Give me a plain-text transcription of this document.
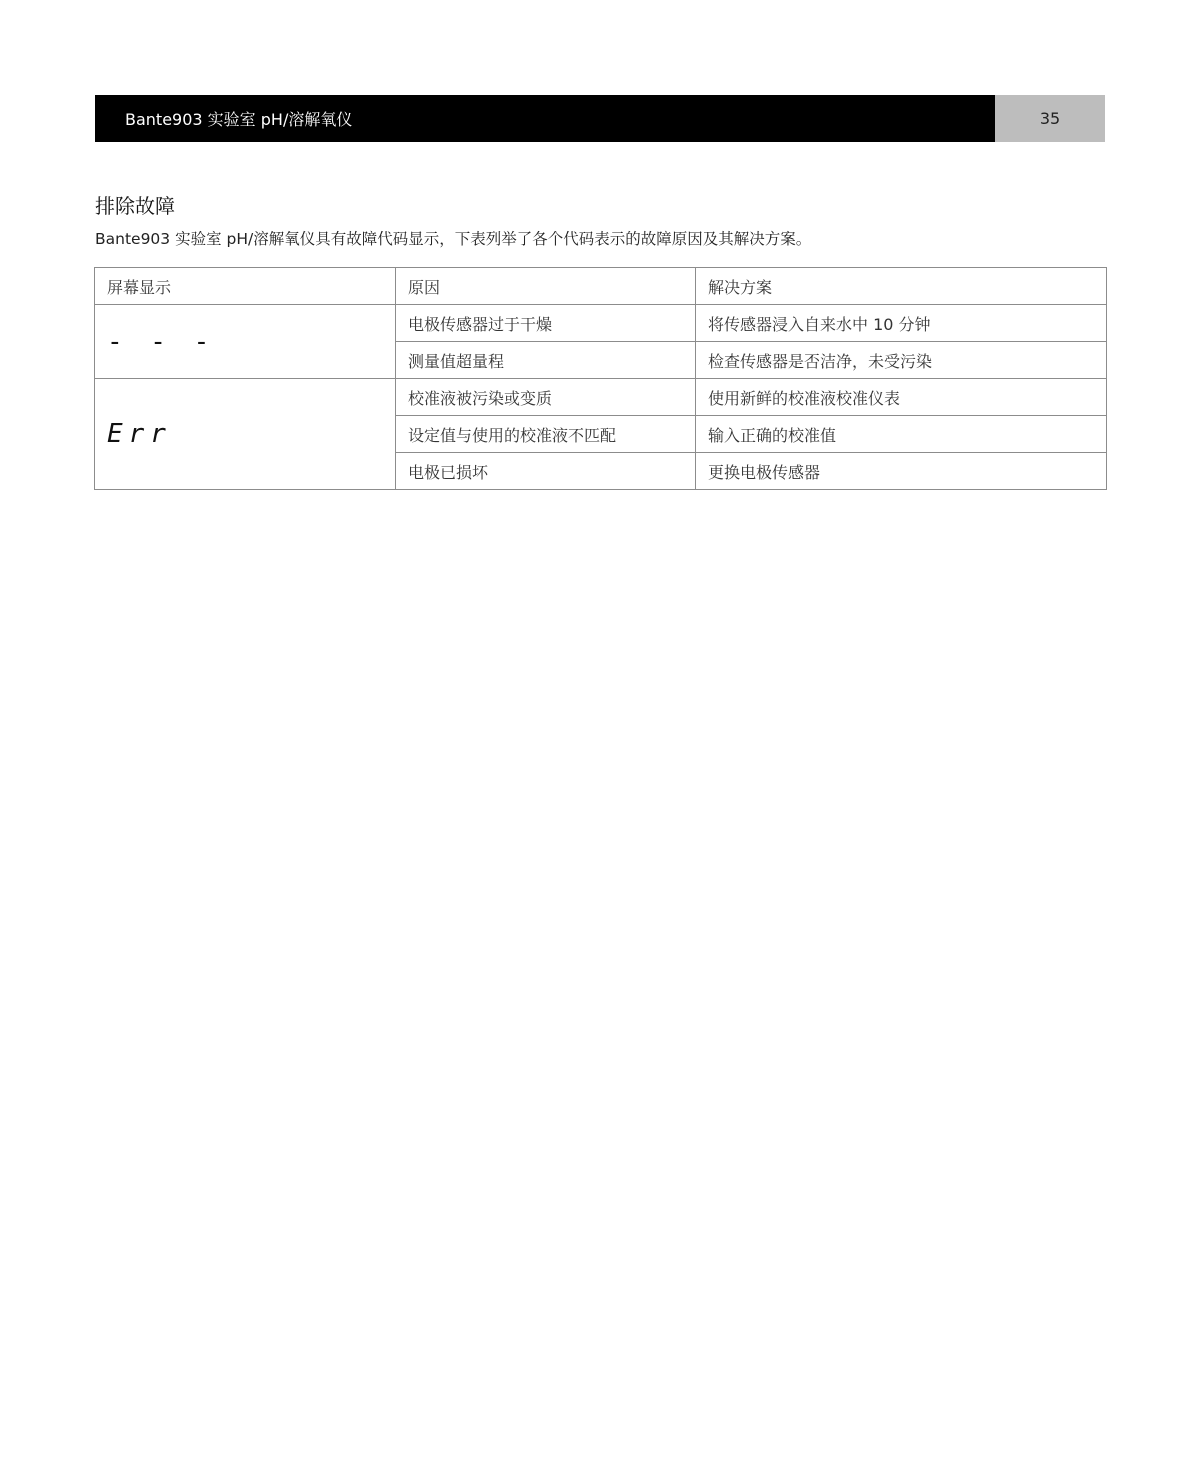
Bante903 实验室 pH/溶解氧仪	35
排除故障
Bante903 实验室 pH/溶解氧仪具有故障代码显示，下表列举了各个代码表示的故障原因及其解决方案。
屏幕显示	原因	解决方案
- - -	电极传感器过于干燥	将传感器浸入自来水中 10 分钟
	测量值超量程	检查传感器是否洁净，未受污染
Err	校准液被污染或变质	使用新鲜的校准液校准仪表
	设定值与使用的校准液不匹配	输入正确的校准值
	电极已损坏	更换电极传感器
